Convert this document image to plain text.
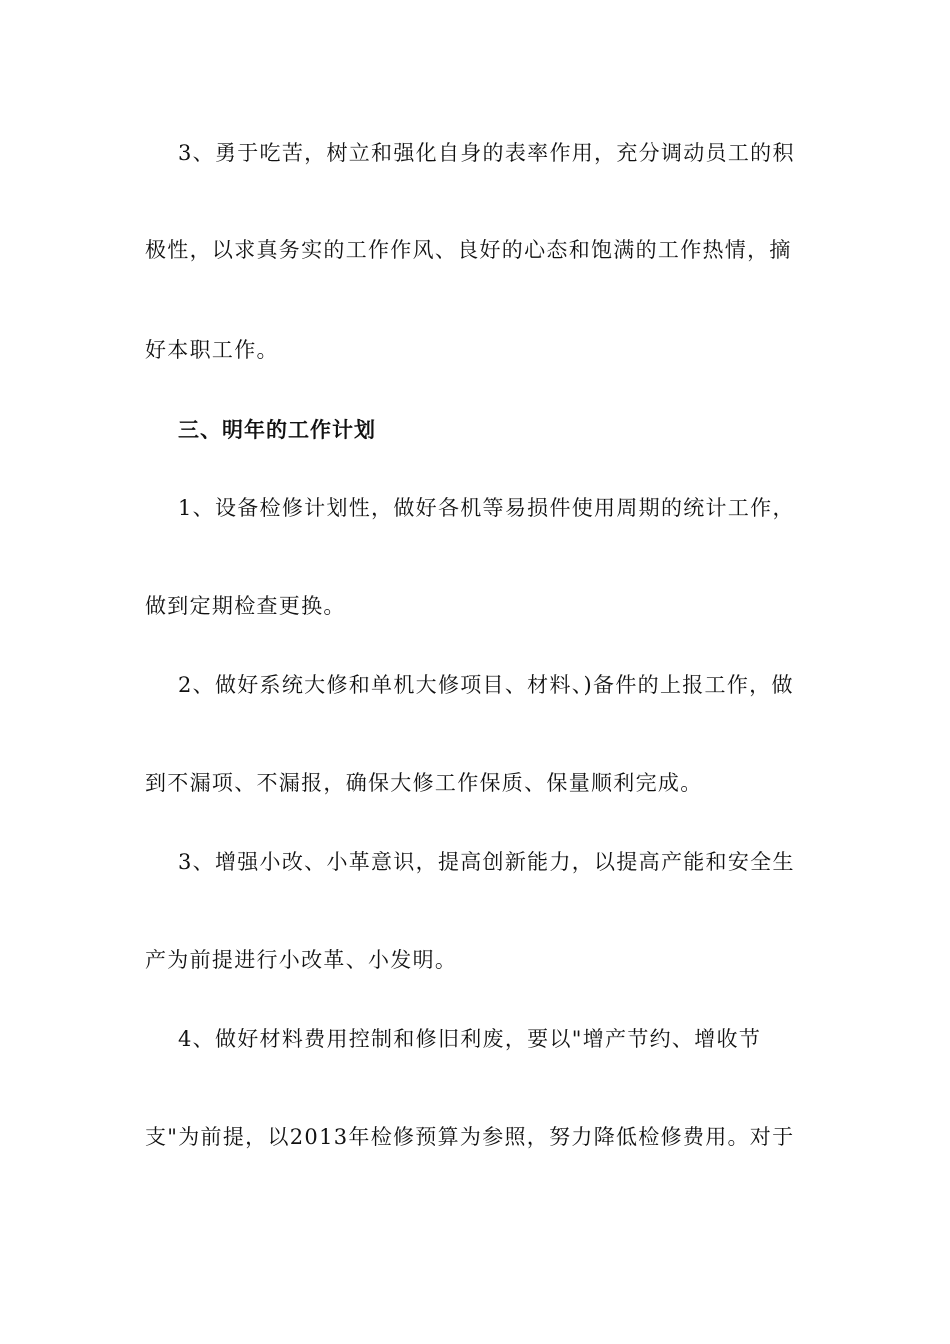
3、勇于吃苦，树立和强化自身的表率作用，充分调动员工的积
极性，以求真务实的工作作风、良好的心态和饱满的工作热情，摘
好本职工作。
三、明年的工作计划
1、设备检修计划性，做好各机等易损件使用周期的统计工作，
做到定期检查更换。
2、做好系统大修和单机大修项目、材料、)备件的上报工作，做
到不漏项、不漏报，确保大修工作保质、保量顺利完成。
3、增强小改、小革意识，提高创新能力，以提高产能和安全生
产为前提进行小改革、小发明。
4、做好材料费用控制和修旧利废，要以"增产节约、增收节
支"为前提，以2013年检修预算为参照，努力降低检修费用。对于
